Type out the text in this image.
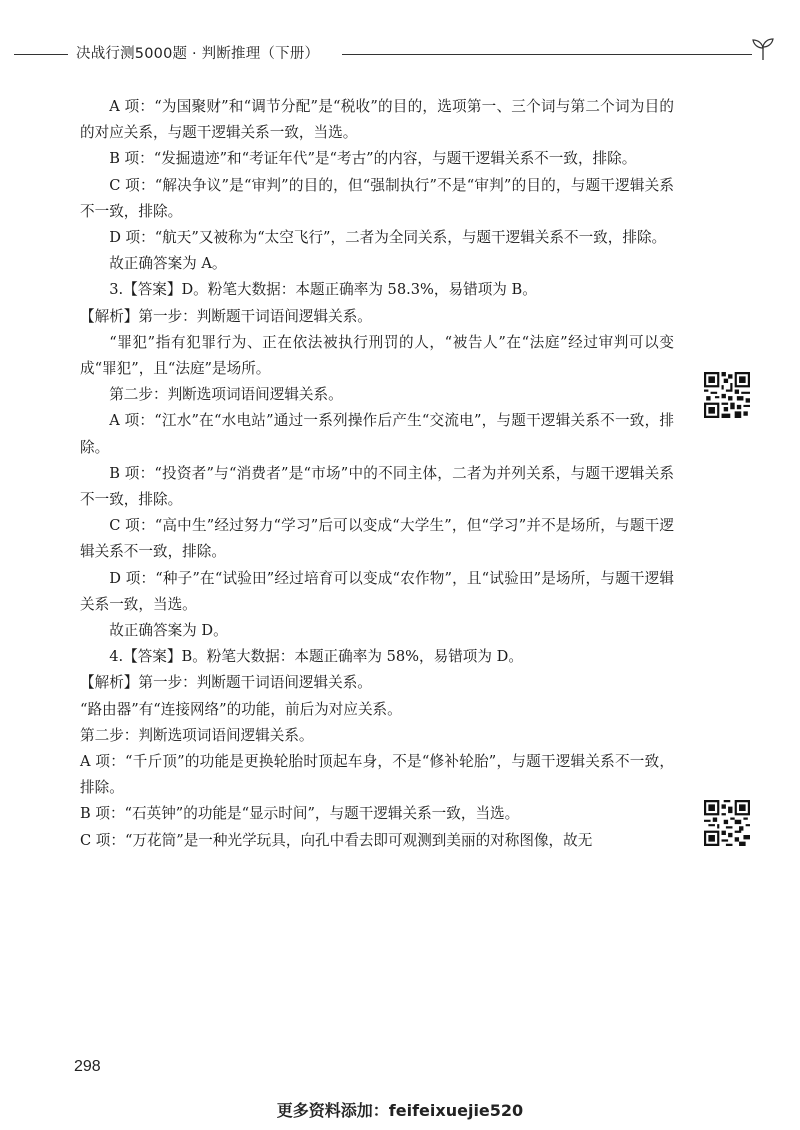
决战行测5000题 · 判断推理（下册）

A 项：“为国聚财”和“调节分配”是“税收”的目的，选项第一、三个词与第二个词为目的的对应关系，与题干逻辑关系一致，当选。

B 项：“发掘遗迹”和“考证年代”是“考古”的内容，与题干逻辑关系不一致，排除。

C 项：“解决争议”是“审判”的目的，但“强制执行”不是“审判”的目的，与题干逻辑关系不一致，排除。

D 项：“航天”又被称为“太空飞行”，二者为全同关系，与题干逻辑关系不一致，排除。

故正确答案为 A。

3.【答案】D。粉笔大数据：本题正确率为 58.3%，易错项为 B。

【解析】第一步：判断题干词语间逻辑关系。

“罪犯”指有犯罪行为、正在依法被执行刑罚的人，“被告人”在“法庭”经过审判可以变成“罪犯”，且“法庭”是场所。

第二步：判断选项词语间逻辑关系。

A 项：“江水”在“水电站”通过一系列操作后产生“交流电”，与题干逻辑关系不一致，排除。

B 项：“投资者”与“消费者”是“市场”中的不同主体，二者为并列关系，与题干逻辑关系不一致，排除。

C 项：“高中生”经过努力“学习”后可以变成“大学生”，但“学习”并不是场所，与题干逻辑关系不一致，排除。

D 项：“种子”在“试验田”经过培育可以变成“农作物”，且“试验田”是场所，与题干逻辑关系一致，当选。

故正确答案为 D。

4.【答案】B。粉笔大数据：本题正确率为 58%，易错项为 D。

【解析】第一步：判断题干词语间逻辑关系。

“路由器”有“连接网络”的功能，前后为对应关系。

第二步：判断选项词语间逻辑关系。

A 项：“千斤顶”的功能是更换轮胎时顶起车身，不是“修补轮胎”，与题干逻辑关系不一致，排除。

B 项：“石英钟”的功能是“显示时间”，与题干逻辑关系一致，当选。

C 项：“万花筒”是一种光学玩具，向孔中看去即可观测到美丽的对称图像，故无

298
更多资料添加：feifeixuejie520
